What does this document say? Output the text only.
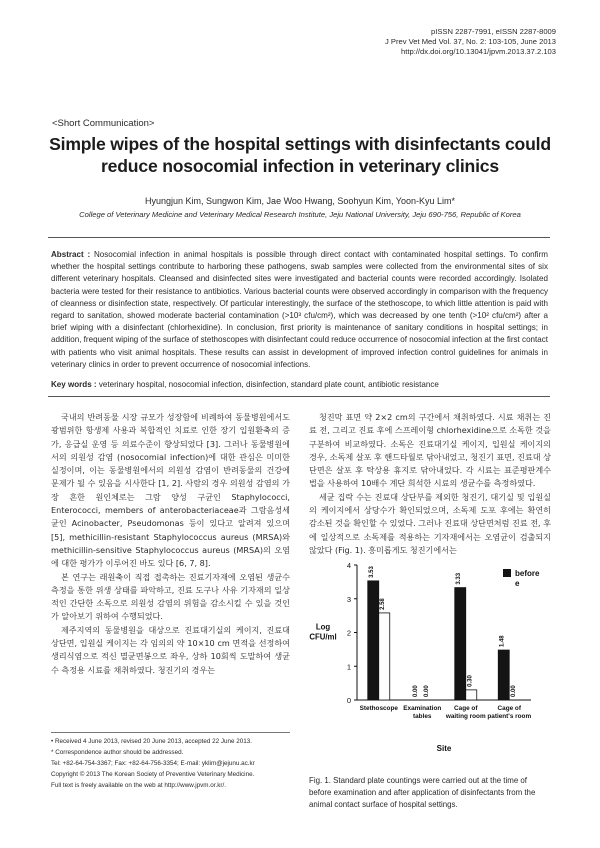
pISSN 2287-7991, eISSN 2287-8009
J Prev Vet Med Vol. 37, No. 2: 103-105, June 2013
http://dx.doi.org/10.13041/jpvm.2013.37.2.103
<Short Communication>
Simple wipes of the hospital settings with disinfectants could
reduce nosocomial infection in veterinary clinics
Hyungjun Kim, Sungwon Kim, Jae Woo Hwang, Soohyun Kim, Yoon-Kyu Lim*
College of Veterinary Medicine and Veterinary Medical Research Institute, Jeju National University, Jeju 690-756, Republic of Korea
Abstract : Nosocomial infection in animal hospitals is possible through direct contact with contaminated hospital settings. To confirm whether the hospital settings contribute to harboring these pathogens, swab samples were collected from the environmental sites of six different veterinary hospitals. Cleansed and disinfected sites were investigated and bacterial counts were recorded accordingly. Isolated bacteria were tested for their resistance to antibiotics. Various bacterial counts were observed accordingly in comparison with the frequency of cleanness or disinfection state, respectively. Of particular interestingly, the surface of the stethoscope, to which little attention is paid with regard to sanitation, showed moderate bacterial contamination (>10³ cfu/cm²), which was decreased by one tenth (>10² cfu/cm²) after a brief wiping with a disinfectant (chlorhexidine). In conclusion, first priority is maintenance of sanitary conditions in hospital settings; in addition, frequent wiping of the surface of stethoscopes with disinfectant could reduce occurrence of nosocomial infection at the first contact with patients who visit animal hospitals. These results can assist in development of improved infection control guidelines for animals in veterinary clinics in order to prevent occurrence of nosocomial infections.
Key words : veterinary hospital, nosocomial infection, disinfection, standard plate count, antibiotic resistance

국내의 반려동물 시장 규모가 성장함에 비례하여 동물병원에서도 광범위한 항생제 사용과 복합적인 치료로 인한 장기 입원환축의 증가, 응급실 운영 등 의료수준이 향상되었다 [3]. 그러나 동물병원에서의 의원성 감염 (nosocomial infection)에 대한 관심은 미미한 실정이며, 이는 동물병원에서의 의원성 감염이 반려동물의 건강에 문제가 될 수 있음을 시사한다 [1, 2]. 사람의 경우 의원성 감염의 가장 흔한 원인체로는 그람 양성 구균인 Staphylococci, Enterococci, members of anterobacteriaceae과 그람음성세균인 Acinobacter, Pseudomonas 등이 있다고 알려져 있으며 [5], methicillin-resistant Staphylococcus aureus (MRSA)와 methicillin-sensitive Staphylococcus aureus (MRSA)의 오염에 대한 평가가 이루어진 바도 있다 [6, 7, 8].

본 연구는 래원축이 직접 접촉하는 진료기자재에 오염된 생균수 측정을 통한 위생 상태를 파악하고, 진료 도구나 사유 기자재의 일상적인 간단한 소독으로 의원성 감염의 위험을 감소시킬 수 있을 것인가 알아보기 위하여 수행되었다.

제주지역의 동물병원을 대상으로 진료대기실의 케이지, 진료대 상단면, 입원실 케이지는 각 임의의 약 10×10 cm 면적을 선정하여 생리식염으로 적신 멸균면봉으로 좌우, 상하 10회씩 도말하여 생균수 측정용 시료를 채취하였다. 청진기의 경우는

• Received 4 June 2013, revised 20 June 2013, accepted 22 June 2013.
* Correspondence author should be addressed.
Tel: +82-64-754-3367; Fax: +82-64-756-3354; E-mail: yklim@jejunu.ac.kr
Copyright © 2013 The Korean Society of Preventive Veterinary Medicine.
Full text is freely available on the web at http://www.jpvm.or.kr/.

청진막 표면 약 2×2 cm의 구간에서 채취하였다. 시료 채취는 진료 전, 그리고 진료 후에 스프레이형 chlorhexidine으로 소독한 것을 구분하여 비교하였다. 소독은 진료대기실 케이지, 입원실 케이지의 경우, 소독제 살포 후 핸드타월로 닦아내었고, 청진기 표면, 진료대 상단면은 살포 후 탁상용 휴지로 닦아내었다. 각 시료는 표준평판계수법을 사용하여 10배수 계단 희석한 시료의 생균수를 측정하였다.

세균 집락 수는 진료대 상단부를 제외한 청진기, 대기실 및 입원실의 케이지에서 상당수가 확인되었으며, 소독제 도포 후에는 확연히 감소된 것을 확인할 수 있었다. 그러나 진료대 상단면처럼 진료 전, 후에 일상적으로 소독제를 적용하는 기자재에서는 오염균이 검출되지 않았다 (Fig. 1). 흥미롭게도 청진기에서는

0
1
2
3
4
Log
CFU/ml
3.53
2.58
Stethoscope
0.00 0.00
Examination
tables
3.33
0.30
Cage of
waiting room
1.48
0.00
Cage of
patient's room
Site
before
e
Fig. 1. Standard plate countings were carried out at the time of before examination and after application of disinfectants from the animal contact surface of hospital settings.
